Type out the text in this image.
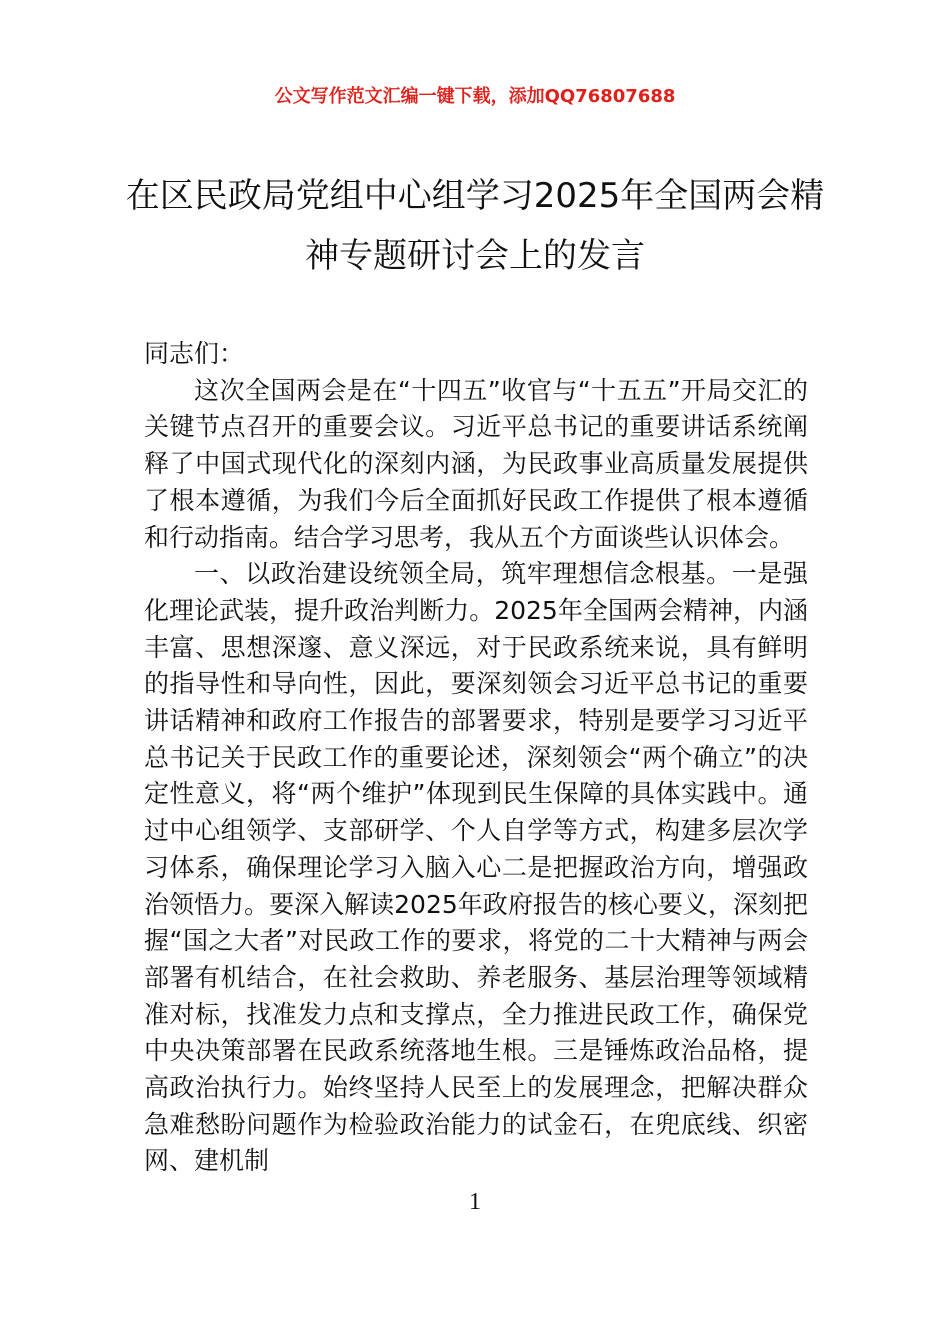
公文写作范文汇编一键下载，添加QQ76807688
在区民政局党组中心组学习2025年全国两会精神专题研讨会上的发言

同志们：

这次全国两会是在“十四五”收官与“十五五”开局交汇的关键节点召开的重要会议。习近平总书记的重要讲话系统阐释了中国式现代化的深刻内涵，为民政事业高质量发展提供了根本遵循，为我们今后全面抓好民政工作提供了根本遵循和行动指南。结合学习思考，我从五个方面谈些认识体会。

一、以政治建设统领全局，筑牢理想信念根基。一是强化理论武装，提升政治判断力。2025年全国两会精神，内涵丰富、思想深邃、意义深远，对于民政系统来说，具有鲜明的指导性和导向性，因此，要深刻领会习近平总书记的重要讲话精神和政府工作报告的部署要求，特别是要学习习近平总书记关于民政工作的重要论述，深刻领会“两个确立”的决定性意义，将“两个维护”体现到民生保障的具体实践中。通过中心组领学、支部研学、个人自学等方式，构建多层次学习体系，确保理论学习入脑入心二是把握政治方向，增强政治领悟力。要深入解读2025年政府报告的核心要义，深刻把握“国之大者”对民政工作的要求，将党的二十大精神与两会部署有机结合，在社会救助、养老服务、基层治理等领域精准对标，找准发力点和支撑点，全力推进民政工作，确保党中央决策部署在民政系统落地生根。三是锤炼政治品格，提高政治执行力。始终坚持人民至上的发展理念，把解决群众急难愁盼问题作为检验政治能力的试金石，在兜底线、织密网、建机制

1
